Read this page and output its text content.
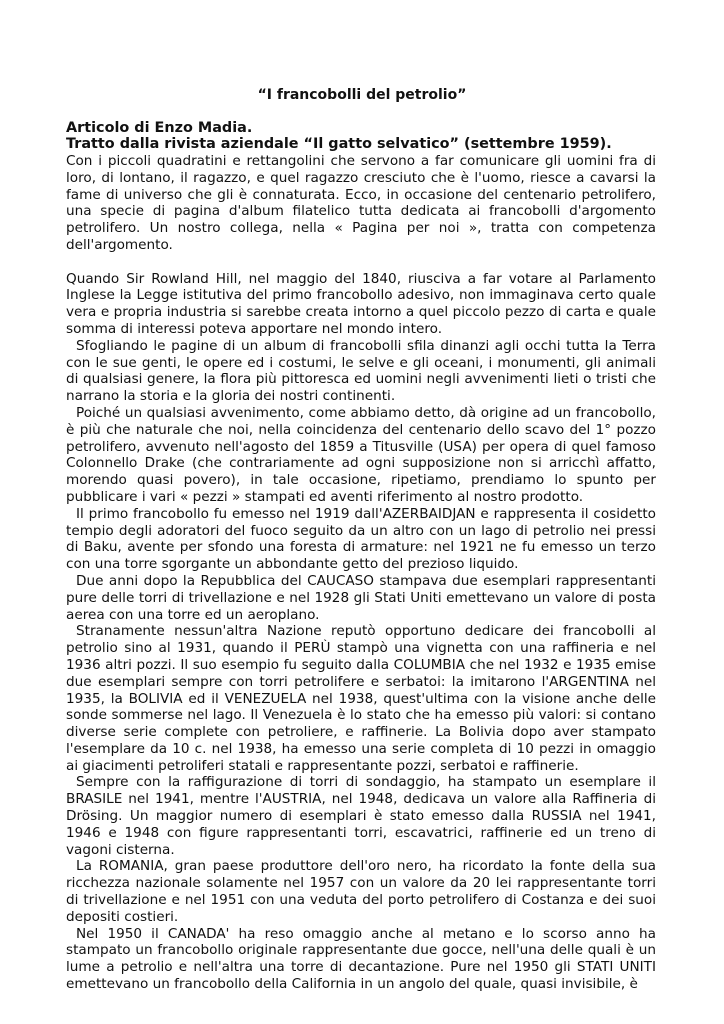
“I francobolli del petrolio”
Articolo di Enzo Madia.
Tratto dalla rivista aziendale “Il gatto selvatico” (settembre 1959).

Con i piccoli quadratini e rettangolini che servono a far comunicare gli uomini fra di loro, di lontano, il ragazzo, e quel ragazzo cresciuto che è l'uomo, riesce a cavarsi la fame di universo che gli è connaturata. Ecco, in occasione del centenario petrolifero, una specie di pagina d'album filatelico tutta dedicata ai francobolli d'argomento petrolifero. Un nostro collega, nella « Pagina per noi », tratta con competenza dell'argomento.

Quando Sir Rowland Hill, nel maggio del 1840, riusciva a far votare al Parlamento Inglese la Legge istitutiva del primo francobollo adesivo, non immaginava certo quale vera e propria industria si sarebbe creata intorno a quel piccolo pezzo di carta e quale somma di interessi poteva apportare nel mondo intero.

Sfogliando le pagine di un album di francobolli sfila dinanzi agli occhi tutta la Terra con le sue genti, le opere ed i costumi, le selve e gli oceani, i monumenti, gli animali di qualsiasi genere, la flora più pittoresca ed uomini negli avvenimenti lieti o tristi che narrano la storia e la gloria dei nostri continenti.

Poiché un qualsiasi avvenimento, come abbiamo detto, dà origine ad un francobollo, è più che naturale che noi, nella coincidenza del centenario dello scavo del 1° pozzo petrolifero, avvenuto nell'agosto del 1859 a Titusville (USA) per opera di quel famoso Colonnello Drake (che contrariamente ad ogni supposizione non si arricchì affatto, morendo quasi povero), in tale occasione, ripetiamo, prendiamo lo spunto per pubblicare i vari « pezzi » stampati ed aventi riferimento al nostro prodotto.

Il primo francobollo fu emesso nel 1919 dall'AZERBAIDJAN e rappresenta il cosidetto tempio degli adoratori del fuoco seguito da un altro con un lago di petrolio nei pressi di Baku, avente per sfondo una foresta di armature: nel 1921 ne fu emesso un terzo con una torre sgorgante un abbondante getto del prezioso liquido.

Due anni dopo la Repubblica del CAUCASO stampava due esemplari rappresentanti pure delle torri di trivellazione e nel 1928 gli Stati Uniti emettevano un valore di posta aerea con una torre ed un aeroplano.

Stranamente nessun'altra Nazione reputò opportuno dedicare dei francobolli al petrolio sino al 1931, quando il PERÙ stampò una vignetta con una raffineria e nel 1936 altri pozzi. Il suo esempio fu seguito dalla COLUMBIA che nel 1932 e 1935 emise due esemplari sempre con torri petrolifere e serbatoi: la imitarono l'ARGENTINA nel 1935, la BOLIVIA ed il VENEZUELA nel 1938, quest'ultima con la visione anche delle sonde sommerse nel lago. Il Venezuela è lo stato che ha emesso più valori: si contano diverse serie complete con petroliere, e raffinerie. La Bolivia dopo aver stampato l'esemplare da 10 c. nel 1938, ha emesso una serie completa di 10 pezzi in omaggio ai giacimenti petroliferi statali e rappresentante pozzi, serbatoi e raffinerie.

Sempre con la raffigurazione di torri di sondaggio, ha stampato un esemplare il BRASILE nel 1941, mentre l'AUSTRIA, nel 1948, dedicava un valore alla Raffineria di Drösing. Un maggior numero di esemplari è stato emesso dalla RUSSIA nel 1941, 1946 e 1948 con figure rappresentanti torri, escavatrici, raffinerie ed un treno di vagoni cisterna.

La ROMANIA, gran paese produttore dell'oro nero, ha ricordato la fonte della sua ricchezza nazionale solamente nel 1957 con un valore da 20 lei rappresentante torri di trivellazione e nel 1951 con una veduta del porto petrolifero di Costanza e dei suoi depositi costieri.

Nel 1950 il CANADA' ha reso omaggio anche al metano e lo scorso anno ha stampato un francobollo originale rappresentante due gocce, nell'una delle quali è un lume a petrolio e nell'altra una torre di decantazione. Pure nel 1950 gli STATI UNITI emettevano un francobollo della California in un angolo del quale, quasi invisibile, è
